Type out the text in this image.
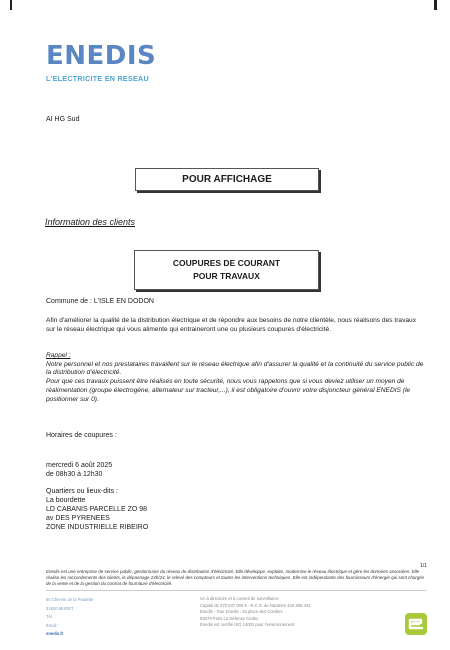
ENEDIS
L'ELECTRICITE EN RESEAU
AI HG Sud
POUR AFFICHAGE
Information des clients
COUPURES DE COURANT
POUR TRAVAUX
Commune de : L'ISLE EN DODON
Afin d'améliorer la qualité de la distribution électrique et de répondre aux besoins de notre clientèle, nous réalisons des travaux sur le réseau électrique qui vous alimente qui entraineront une ou plusieurs coupures d'électricité.
Rappel :

Notre personnel et nos prestataires travaillent sur le réseau électrique afin d'assurer la qualité et la continuité du service public de la distribution d'électricité.

Pour que ces travaux puissent être réalisés en toute sécurité, nous vous rappelons que si vous deviez utiliser un moyen de réalimentation (groupe électrogène, alternateur sur tracteur,...), il est obligatoire d'ouvrir votre disjoncteur général ENEDIS (le positionner sur 0).

Horaires de coupures :
mercredi 6 août 2025
de 08h30 à 12h30
Quartiers ou lieux-dits :
La bourdette
LD CABANIS PARCELLE ZO 98
av DES PYRENEES
ZONE INDUSTRIELLE RIBEIRO
1/1
Enedis est une entreprise de service public, gestionnaire du réseau de distribution d'électricité. Elle développe, exploite, modernise le réseau électrique et gère les données associées. Elle réalise les raccordements des clients, le dépannage 24h/24, le relevé des compteurs et toutes les interventions techniques. Elle est indépendante des fournisseurs d'énergie qui sont chargés de la vente et de la gestion du contrat de fourniture d'électricité.
60 Chemin de la Pradette
31600 MURET
Tél. :
Email :
enedis.fr
SA à directoire et à conseil de surveillance
Capital de 270 037 000 € - R.C.S. de Nanterre 444 608 442
Enedis - Tour Enedis - 34 place des Corolles
92079 Paris La Défense Cedex
Enedis est certifié ISO 14001 pour l'environnement
